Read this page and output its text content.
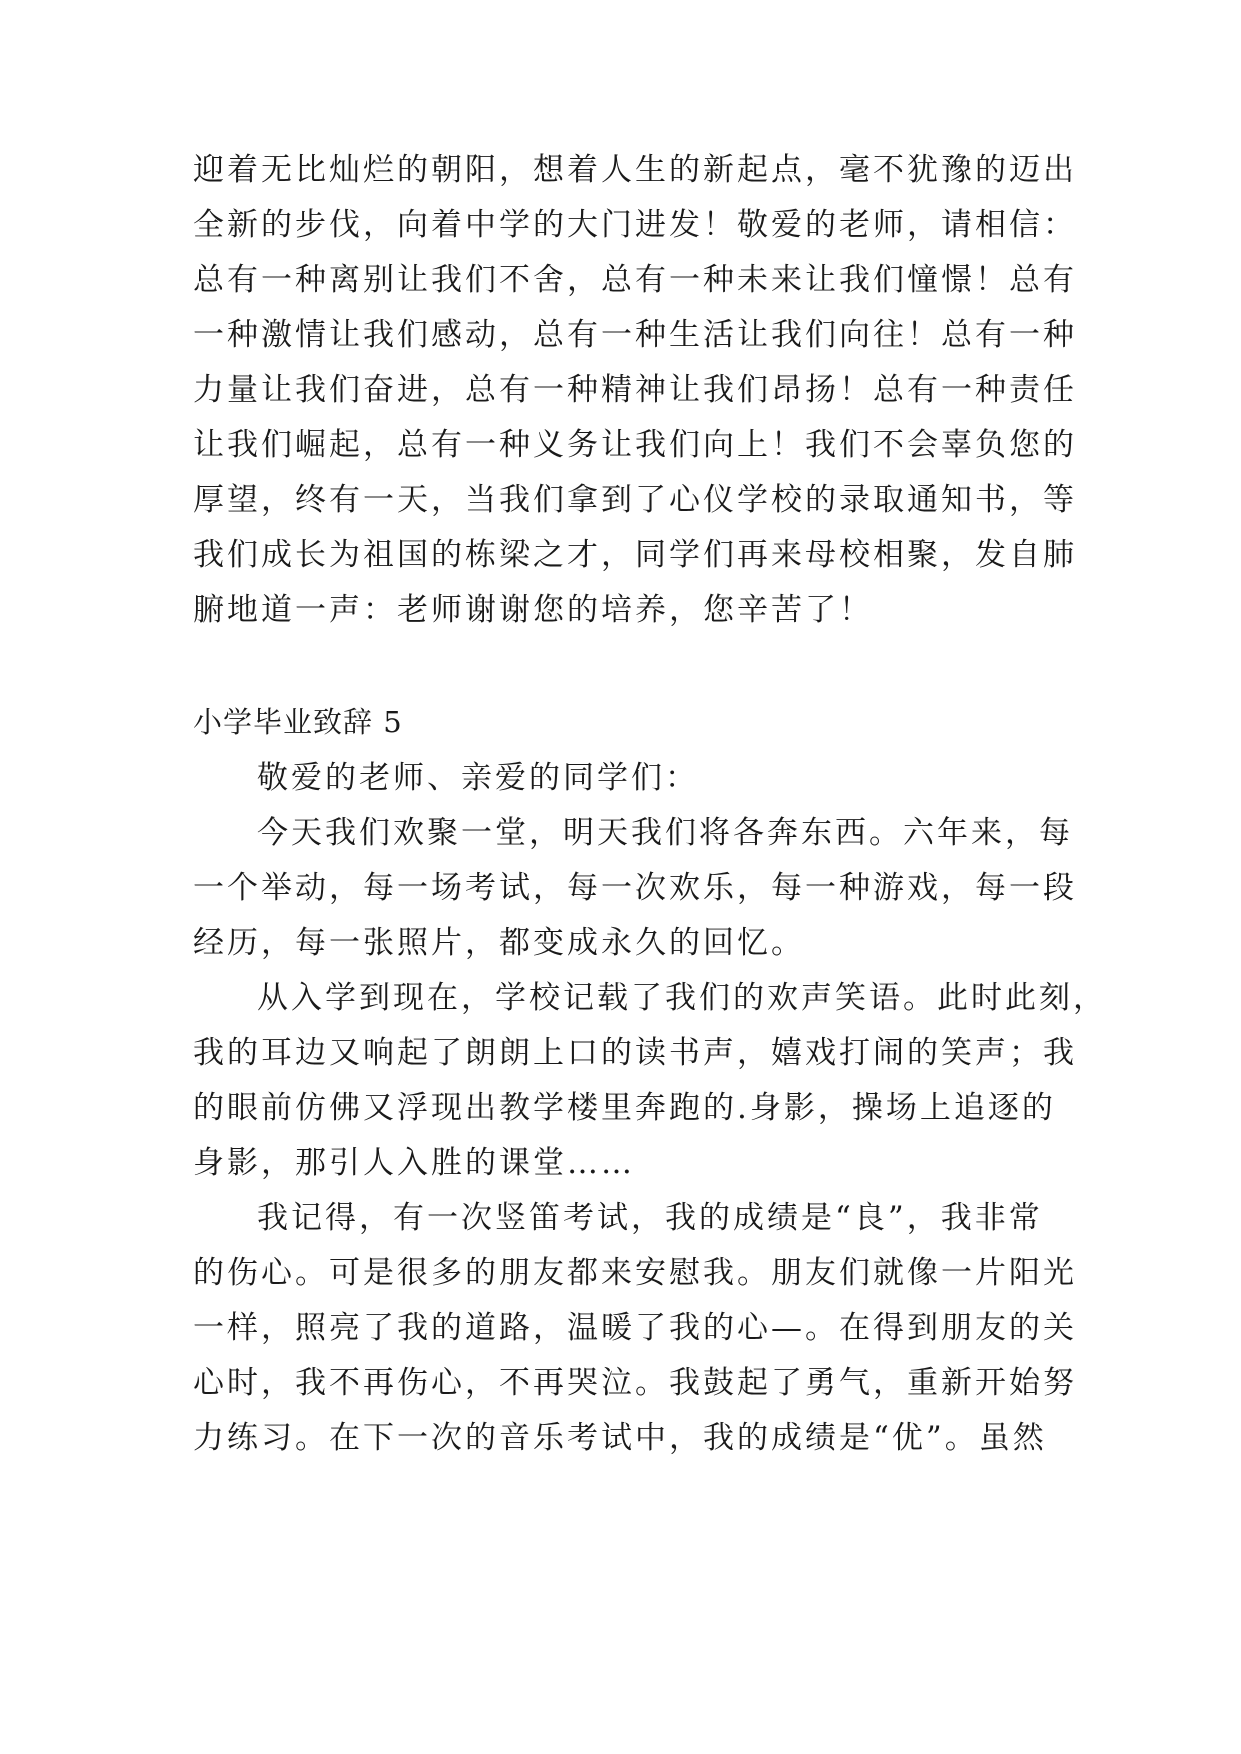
迎着无比灿烂的朝阳，想着人生的新起点，毫不犹豫的迈出
全新的步伐，向着中学的大门进发！敬爱的老师，请相信：
总有一种离别让我们不舍，总有一种未来让我们憧憬！总有
一种激情让我们感动，总有一种生活让我们向往！总有一种
力量让我们奋进，总有一种精神让我们昂扬！总有一种责任
让我们崛起，总有一种义务让我们向上！我们不会辜负您的
厚望，终有一天，当我们拿到了心仪学校的录取通知书，等
我们成长为祖国的栋梁之才，同学们再来母校相聚，发自肺
腑地道一声：老师谢谢您的培养，您辛苦了！
小学毕业致辞 5
敬爱的老师、亲爱的同学们：
今天我们欢聚一堂，明天我们将各奔东西。六年来，每
一个举动，每一场考试，每一次欢乐，每一种游戏，每一段
经历，每一张照片，都变成永久的回忆。
从入学到现在，学校记载了我们的欢声笑语。此时此刻，
我的耳边又响起了朗朗上口的读书声，嬉戏打闹的笑声；我
的眼前仿佛又浮现出教学楼里奔跑的.身影，操场上追逐的
身影，那引人入胜的课堂……
我记得，有一次竖笛考试，我的成绩是“良”，我非常
的伤心。可是很多的朋友都来安慰我。朋友们就像一片阳光
一样，照亮了我的道路，温暖了我的心—。在得到朋友的关
心时，我不再伤心，不再哭泣。我鼓起了勇气，重新开始努
力练习。在下一次的音乐考试中，我的成绩是“优”。虽然
